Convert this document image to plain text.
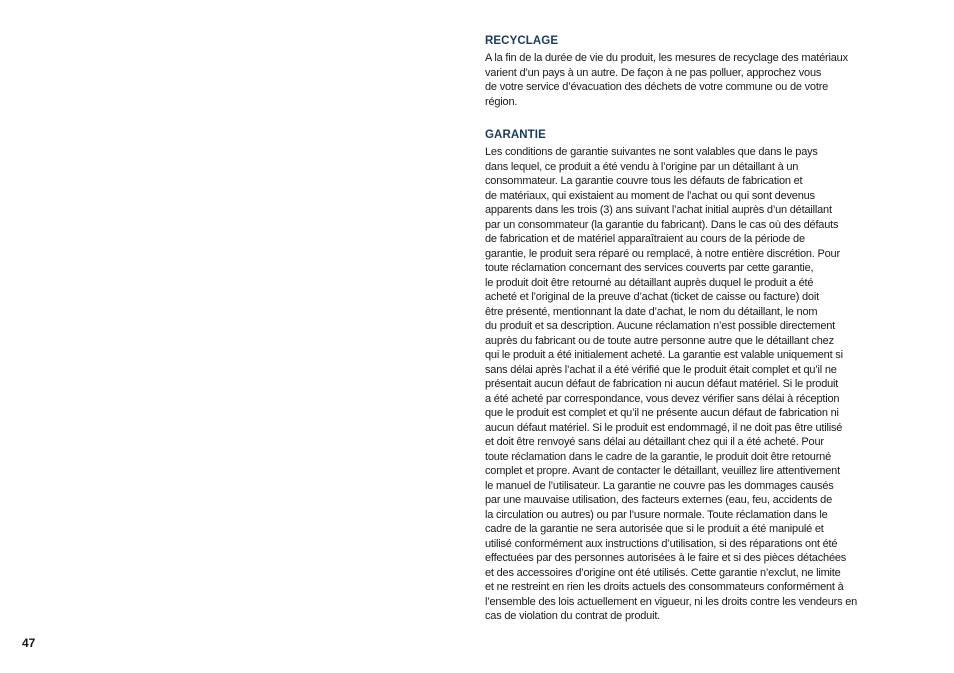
RECYCLAGE
A la fin de la durée de vie du produit, les mesures de recyclage des matériaux
varient d’un pays à un autre. De façon à ne pas polluer, approchez vous
de votre service d’évacuation des déchets de votre commune ou de votre
région.
GARANTIE
Les conditions de garantie suivantes ne sont valables que dans le pays
dans lequel, ce produit a été vendu à l’origine par un détaillant à un
consommateur. La garantie couvre tous les défauts de fabrication et
de matériaux, qui existaient au moment de l’achat ou qui sont devenus
apparents dans les trois (3) ans suivant l’achat initial auprès d’un détaillant
par un consommateur (la garantie du fabricant). Dans le cas où des défauts
de fabrication et de matériel apparaîtraient au cours de la période de
garantie, le produit sera réparé ou remplacé, à notre entière discrétion. Pour
toute réclamation concernant des services couverts par cette garantie,
le produit doit être retourné au détaillant auprès duquel le produit a été
acheté et l’original de la preuve d’achat (ticket de caisse ou facture) doit
être présenté, mentionnant la date d’achat, le nom du détaillant, le nom
du produit et sa description. Aucune réclamation n’est possible directement
auprès du fabricant ou de toute autre personne autre que le détaillant chez
qui le produit a été initialement acheté. La garantie est valable uniquement si
sans délai après l’achat il a été vérifié que le produit était complet et qu’il ne
présentait aucun défaut de fabrication ni aucun défaut matériel. Si le produit
a été acheté par correspondance, vous devez vérifier sans délai à réception
que le produit est complet et qu’il ne présente aucun défaut de fabrication ni
aucun défaut matériel. Si le produit est endommagé, il ne doit pas être utilisé
et doit être renvoyé sans délai au détaillant chez qui il a été acheté. Pour
toute réclamation dans le cadre de la garantie, le produit doit être retourné
complet et propre. Avant de contacter le détaillant, veuillez lire attentivement
le manuel de l’utilisateur. La garantie ne couvre pas les dommages causés
par une mauvaise utilisation, des facteurs externes (eau, feu, accidents de
la circulation ou autres) ou par l’usure normale. Toute réclamation dans le
cadre de la garantie ne sera autorisée que si le produit a été manipulé et
utilisé conformément aux instructions d’utilisation, si des réparations ont été
effectuées par des personnes autorisées à le faire et si des pièces détachées
et des accessoires d’origine ont été utilisés. Cette garantie n’exclut, ne limite
et ne restreint en rien les droits actuels des consommateurs conformément à
l’ensemble des lois actuellement en vigueur, ni les droits contre les vendeurs en
cas de violation du contrat de produit.
47
